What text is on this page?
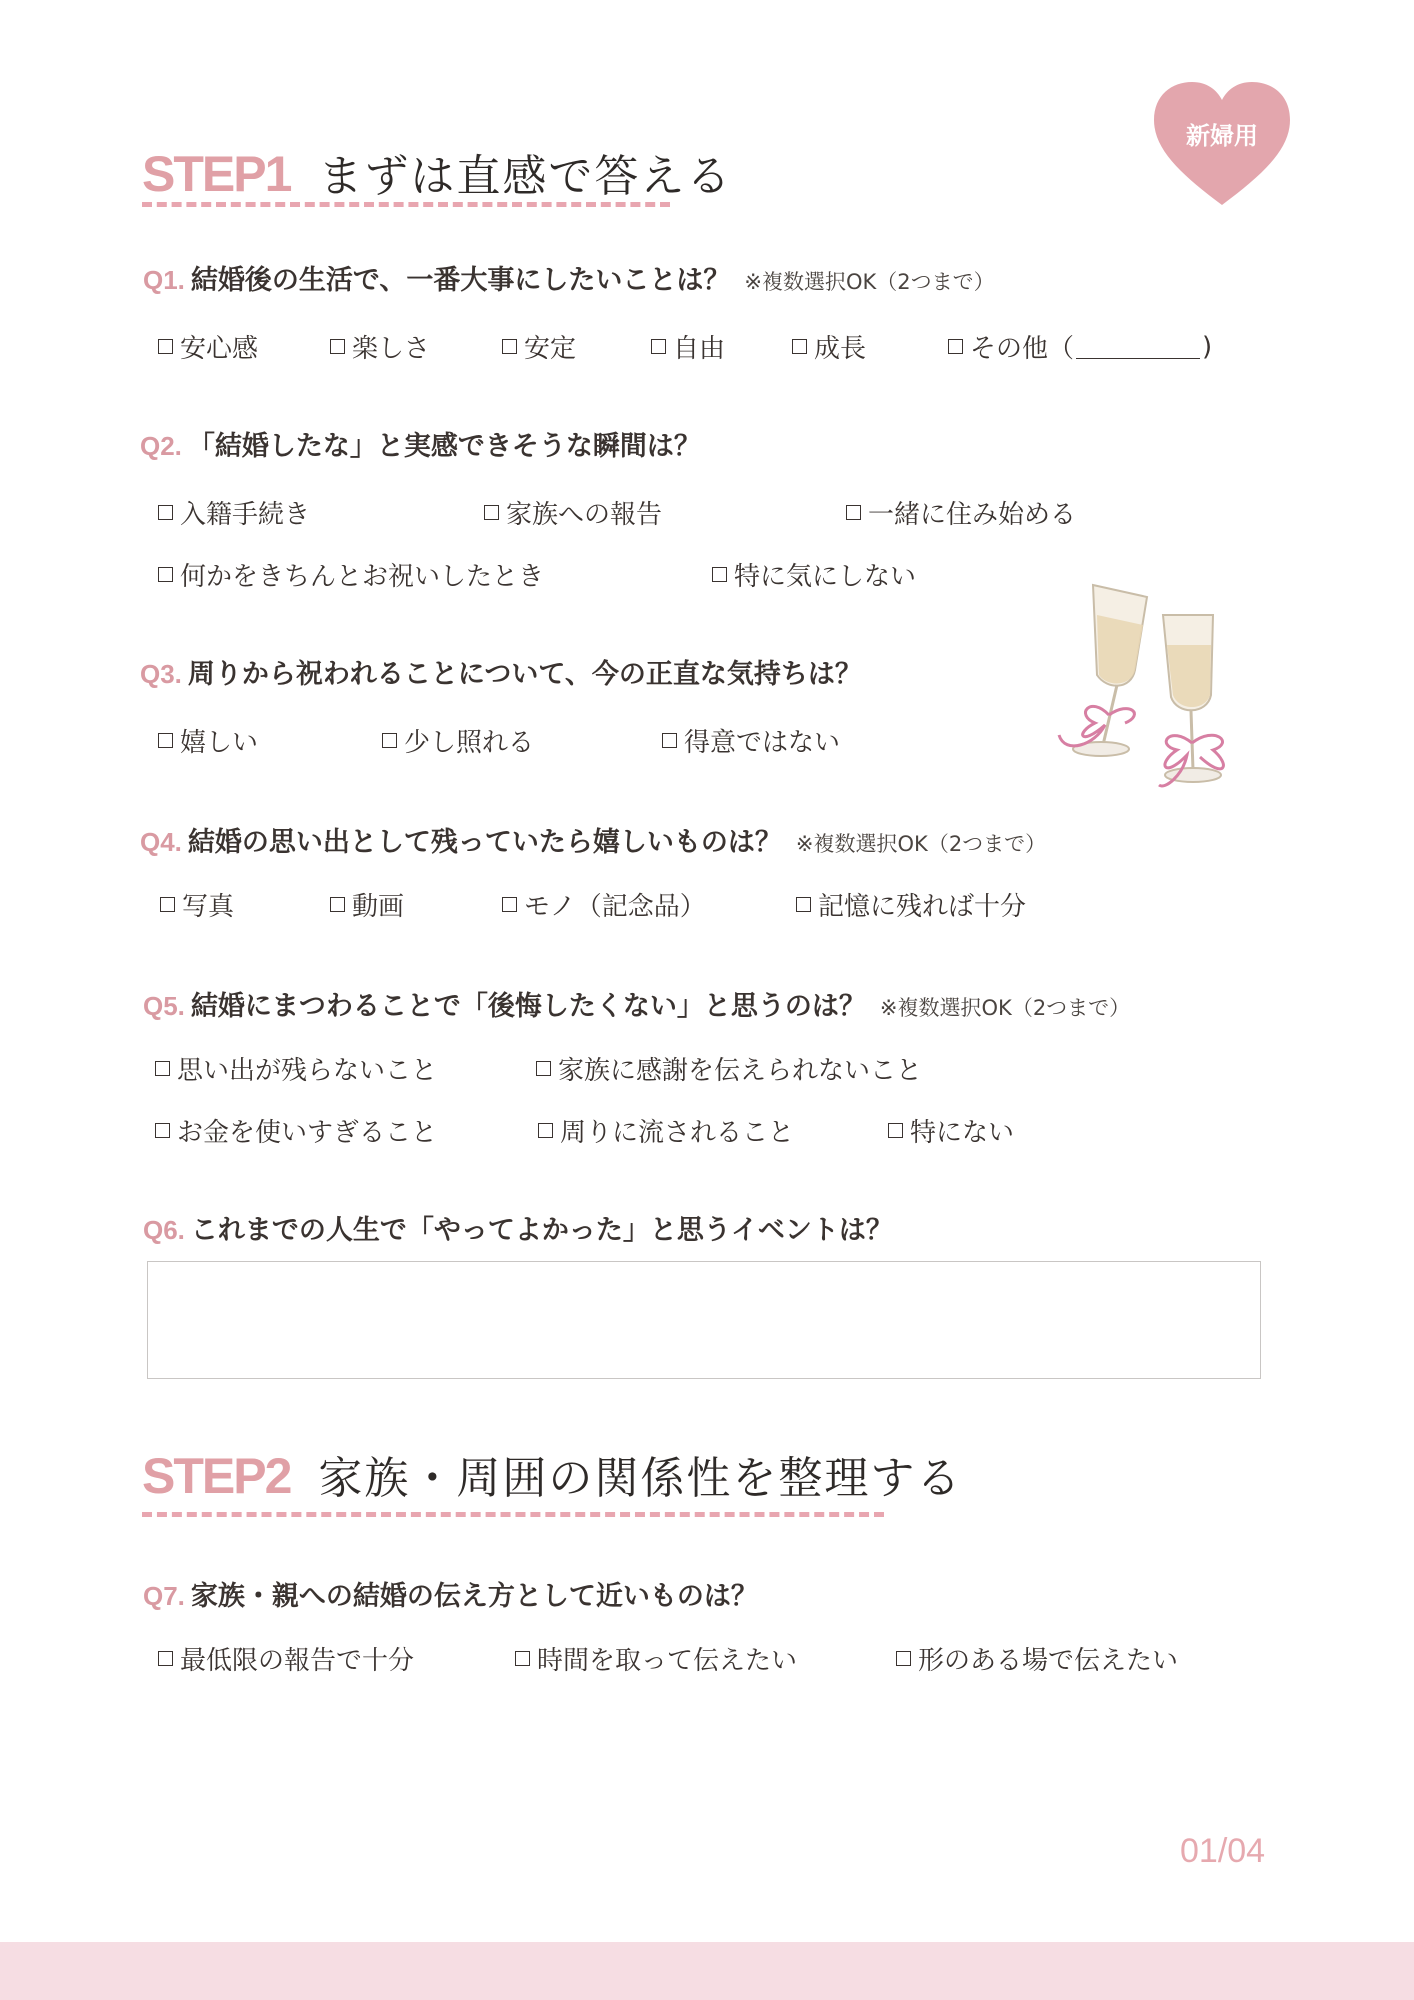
新婦用
STEP1 まずは直感で答える
Q1. 結婚後の生活で、一番大事にしたいことは？ ※複数選択OK（2つまで）
安心感	楽しさ	安定	自由	成長	その他（	)
Q2. 「結婚したな」と実感できそうな瞬間は？
入籍手続き	家族への報告	一緒に住み始める
何かをきちんとお祝いしたとき	特に気にしない
Q3. 周りから祝われることについて、今の正直な気持ちは？
嬉しい	少し照れる	得意ではない
Q4. 結婚の思い出として残っていたら嬉しいものは？ ※複数選択OK（2つまで）
写真	動画	モノ（記念品）	記憶に残れば十分
Q5. 結婚にまつわることで「後悔したくない」と思うのは？ ※複数選択OK（2つまで）
思い出が残らないこと	家族に感謝を伝えられないこと
お金を使いすぎること	周りに流されること	特にない
Q6. これまでの人生で「やってよかった」と思うイベントは？
STEP2 家族・周囲の関係性を整理する
Q7. 家族・親への結婚の伝え方として近いものは？
最低限の報告で十分	時間を取って伝えたい	形のある場で伝えたい
01/04
